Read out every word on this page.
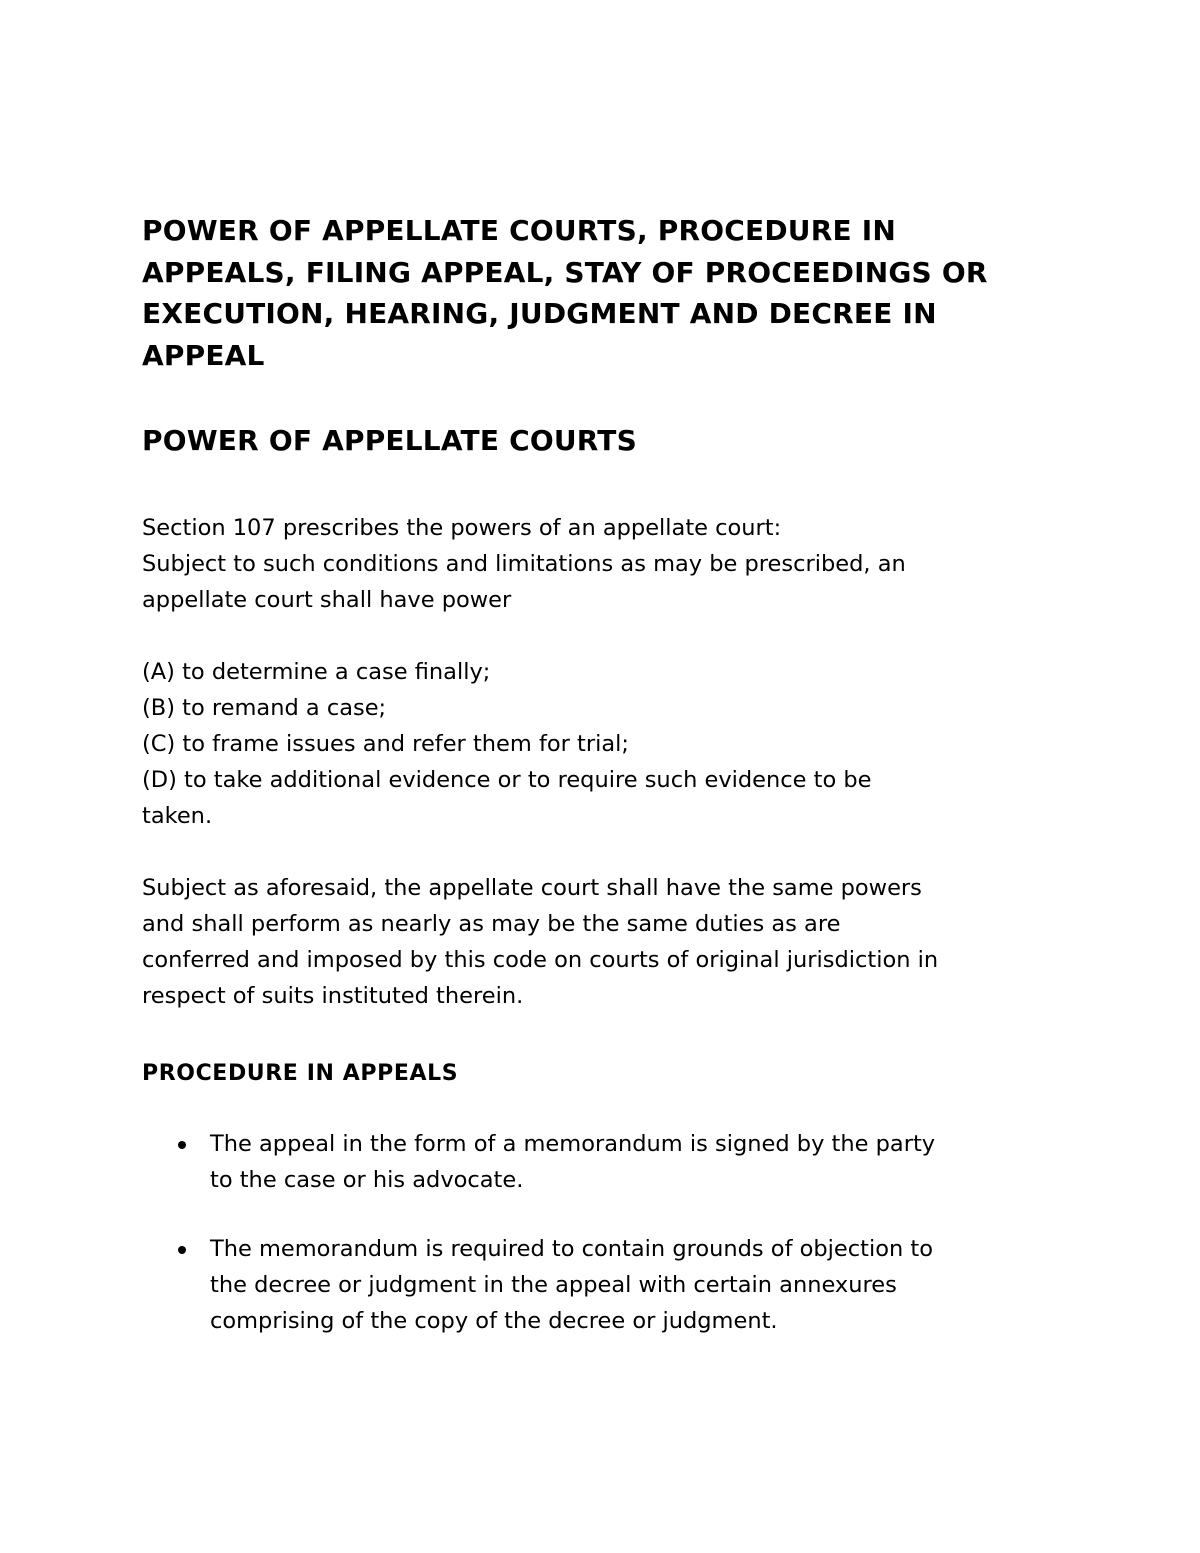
POWER OF APPELLATE COURTS, PROCEDURE IN
APPEALS, FILING APPEAL, STAY OF PROCEEDINGS OR
EXECUTION, HEARING, JUDGMENT AND DECREE IN
APPEAL
POWER OF APPELLATE COURTS

Section 107 prescribes the powers of an appellate court:
Subject to such conditions and limitations as may be prescribed, an
appellate court shall have power

(A) to determine a case finally;
(B) to remand a case;
(C) to frame issues and refer them for trial;
(D) to take additional evidence or to require such evidence to be
taken.

Subject as aforesaid, the appellate court shall have the same powers
and shall perform as nearly as may be the same duties as are
conferred and imposed by this code on courts of original jurisdiction in
respect of suits instituted therein.

PROCEDURE IN APPEALS
The appeal in the form of a memorandum is signed by the party
to the case or his advocate.
The memorandum is required to contain grounds of objection to
the decree or judgment in the appeal with certain annexures
comprising of the copy of the decree or judgment.
